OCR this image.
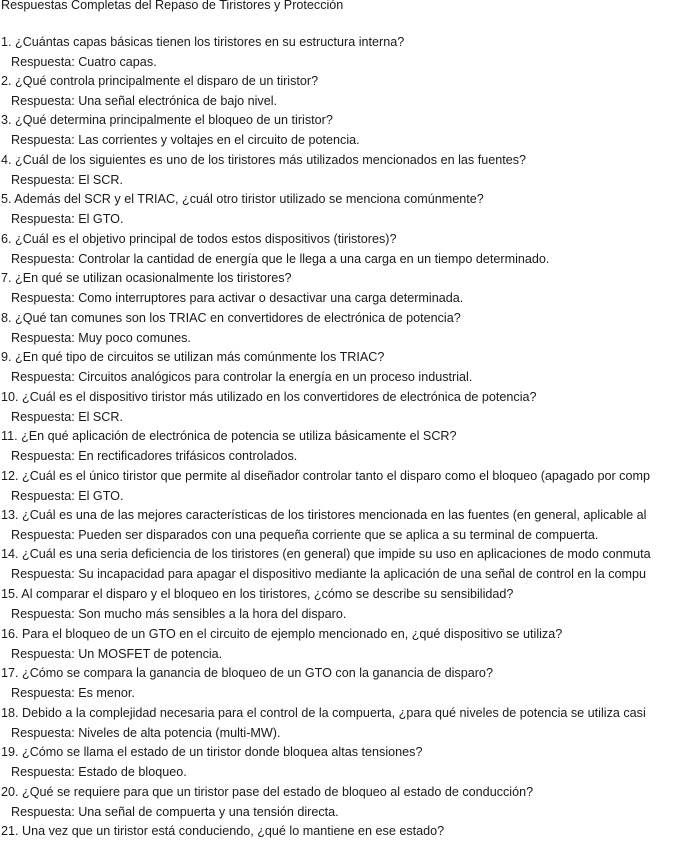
Respuestas Completas del Repaso de Tiristores y Protección
1. ¿Cuántas capas básicas tienen los tiristores en su estructura interna?
Respuesta: Cuatro capas.
2. ¿Qué controla principalmente el disparo de un tiristor?
Respuesta: Una señal electrónica de bajo nivel.
3. ¿Qué determina principalmente el bloqueo de un tiristor?
Respuesta: Las corrientes y voltajes en el circuito de potencia.
4. ¿Cuál de los siguientes es uno de los tiristores más utilizados mencionados en las fuentes?
Respuesta: El SCR.
5. Además del SCR y el TRIAC, ¿cuál otro tiristor utilizado se menciona comúnmente?
Respuesta: El GTO.
6. ¿Cuál es el objetivo principal de todos estos dispositivos (tiristores)?
Respuesta: Controlar la cantidad de energía que le llega a una carga en un tiempo determinado.
7. ¿En qué se utilizan ocasionalmente los tiristores?
Respuesta: Como interruptores para activar o desactivar una carga determinada.
8. ¿Qué tan comunes son los TRIAC en convertidores de electrónica de potencia?
Respuesta: Muy poco comunes.
9. ¿En qué tipo de circuitos se utilizan más comúnmente los TRIAC?
Respuesta: Circuitos analógicos para controlar la energía en un proceso industrial.
10. ¿Cuál es el dispositivo tiristor más utilizado en los convertidores de electrónica de potencia?
Respuesta: El SCR.
11. ¿En qué aplicación de electrónica de potencia se utiliza básicamente el SCR?
Respuesta: En rectificadores trifásicos controlados.
12. ¿Cuál es el único tiristor que permite al diseñador controlar tanto el disparo como el bloqueo (apagado por comp
Respuesta: El GTO.
13. ¿Cuál es una de las mejores características de los tiristores mencionada en las fuentes (en general, aplicable al
Respuesta: Pueden ser disparados con una pequeña corriente que se aplica a su terminal de compuerta.
14. ¿Cuál es una seria deficiencia de los tiristores (en general) que impide su uso en aplicaciones de modo conmuta
Respuesta: Su incapacidad para apagar el dispositivo mediante la aplicación de una señal de control en la compu
15. Al comparar el disparo y el bloqueo en los tiristores, ¿cómo se describe su sensibilidad?
Respuesta: Son mucho más sensibles a la hora del disparo.
16. Para el bloqueo de un GTO en el circuito de ejemplo mencionado en, ¿qué dispositivo se utiliza?
Respuesta: Un MOSFET de potencia.
17. ¿Cómo se compara la ganancia de bloqueo de un GTO con la ganancia de disparo?
Respuesta: Es menor.
18. Debido a la complejidad necesaria para el control de la compuerta, ¿para qué niveles de potencia se utiliza casi
Respuesta: Niveles de alta potencia (multi-MW).
19. ¿Cómo se llama el estado de un tiristor donde bloquea altas tensiones?
Respuesta: Estado de bloqueo.
20. ¿Qué se requiere para que un tiristor pase del estado de bloqueo al estado de conducción?
Respuesta: Una señal de compuerta y una tensión directa.
21. Una vez que un tiristor está conduciendo, ¿qué lo mantiene en ese estado?
